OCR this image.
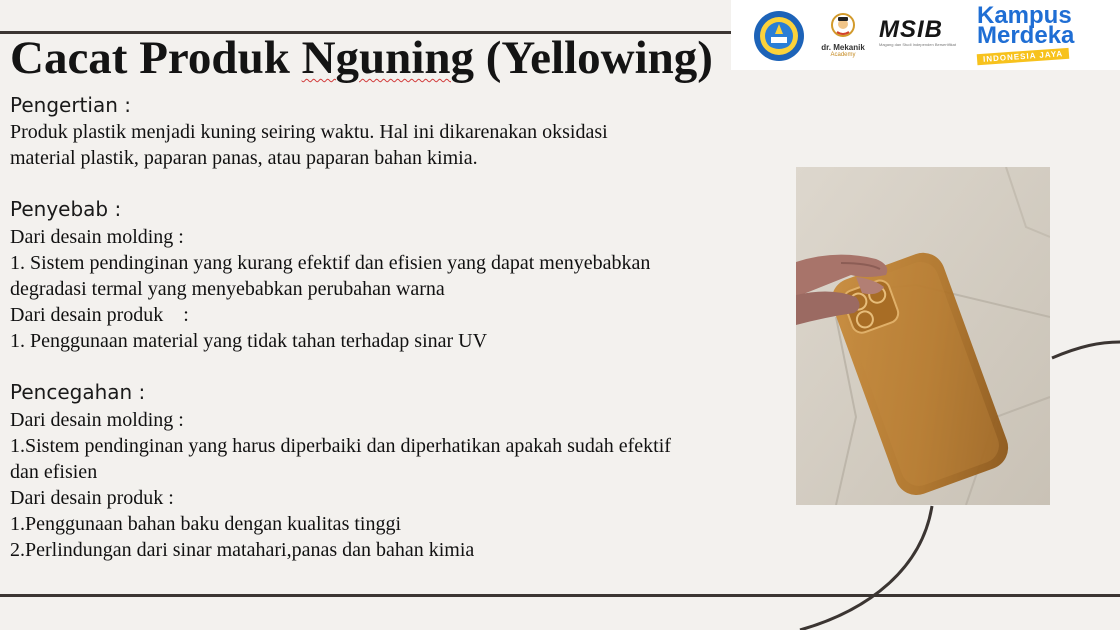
Cacat Produk Nguning (Yellowing)	dr. Mekanik
Academy
MSIB
Magang dan Studi Independen Bersertifikat
Kampus
Merdeka
INDONESIA JAYA
Pengertian :

Produk plastik menjadi kuning seiring waktu. Hal ini dikarenakan oksidasi

material plastik, paparan panas, atau paparan bahan kimia.

Penyebab :

Dari desain molding :

1. Sistem pendinginan yang kurang efektif dan efisien yang dapat menyebabkan

degradasi termal yang menyebabkan perubahan warna

Dari desain produk    :

1. Penggunaan material yang tidak tahan terhadap sinar UV

Pencegahan :

Dari desain molding :

1.Sistem pendinginan yang harus diperbaiki dan diperhatikan apakah sudah efektif

dan efisien

Dari desain produk :

1.Penggunaan bahan baku dengan kualitas tinggi

2.Perlindungan dari sinar matahari,panas dan bahan kimia
